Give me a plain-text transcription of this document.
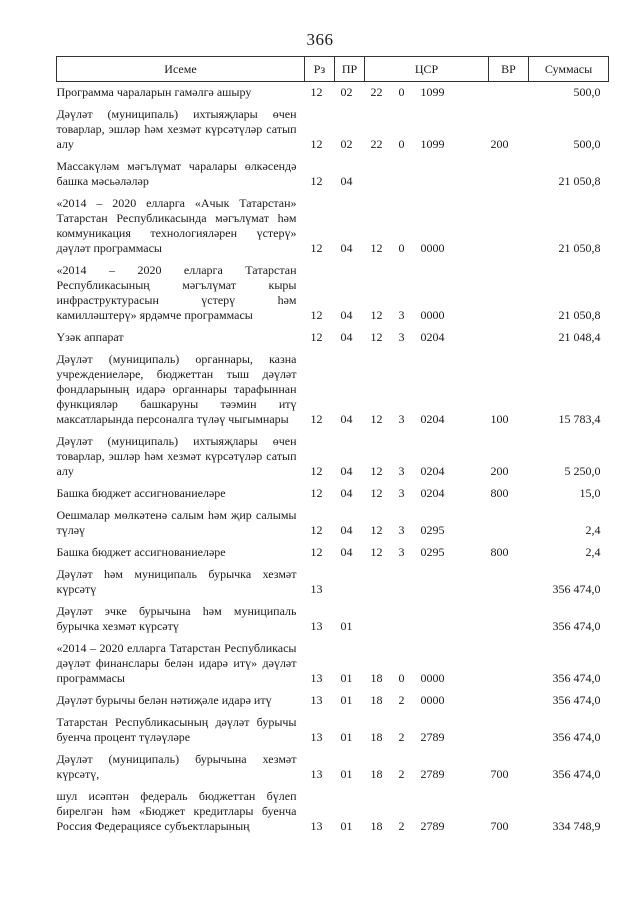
366
Исеме	Рз	ПР	ЦСР	ВР	Суммасы
Программа чараларын гамәлгә ашыру	12	02	22 0 1099		500,0
Дәүләт (муниципаль) ихтыяҗлары өчен товарлар, эшләр һәм хезмәт күрсәтүләр сатып алу	12	02	22 0 1099	200	500,0
Массакүләм мәгълүмат чаралары өлкәсендә башка мәсьәләләр	12	04			21 050,8
«2014 – 2020 елларга «Ачык Татарстан» Татарстан Республикасында мәгълүмат һәм коммуникация технологияләрен үстерү» дәүләт программасы	12	04	12 0 0000		21 050,8
«2014 – 2020 елларга Татарстан Республикасының мәгълүмат кыры инфраструктурасын үстерү һәм камилләштерү» ярдәмче программасы	12	04	12 3 0000		21 050,8
Үзәк аппарат	12	04	12 3 0204		21 048,4
Дәүләт (муниципаль) органнары, казна учреждениеләре, бюджеттан тыш дәүләт фондларының идарә органнары тарафыннан функцияләр башкаруны тәэмин итү максатларында персоналга түләү чыгымнары	12	04	12 3 0204	100	15 783,4
Дәүләт (муниципаль) ихтыяҗлары өчен товарлар, эшләр һәм хезмәт күрсәтүләр сатып алу	12	04	12 3 0204	200	5 250,0
Башка бюджет ассигнованиеләре	12	04	12 3 0204	800	15,0
Оешмалар мөлкәтенә салым һәм җир салымы түләү	12	04	12 3 0295		2,4
Башка бюджет ассигнованиеләре	12	04	12 3 0295	800	2,4
Дәүләт һәм муниципаль бурычка хезмәт күрсәтү	13				356 474,0
Дәүләт эчке бурычына һәм муниципаль бурычка хезмәт күрсәтү	13	01			356 474,0
«2014 – 2020 елларга Татарстан Республикасы дәүләт финанслары белән идарә итү» дәүләт программасы	13	01	18 0 0000		356 474,0
Дәүләт бурычы белән нәтиҗәле идарә итү	13	01	18 2 0000		356 474,0
Татарстан Республикасының дәүләт бурычы буенча процент түләүләре	13	01	18 2 2789		356 474,0
Дәүләт (муниципаль) бурычына хезмәт күрсәтү,	13	01	18 2 2789	700	356 474,0
шул исәптән федераль бюджеттан бүлеп бирелгән һәм «Бюджет кредитлары буенча Россия Федерациясе субъектларының	13	01	18 2 2789	700	334 748,9
